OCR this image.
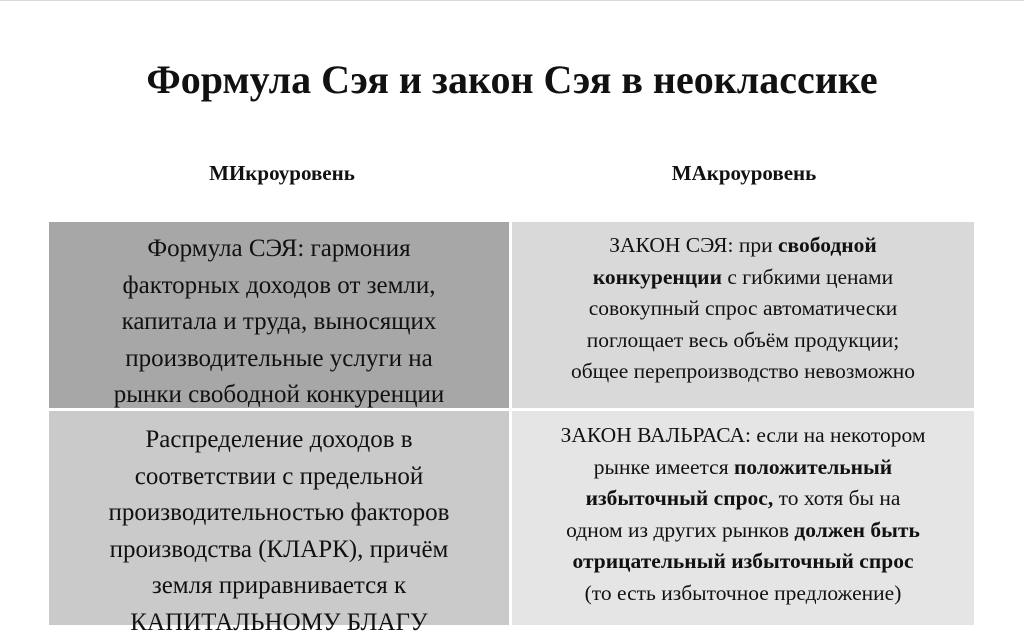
Формула Сэя и закон Сэя в неоклассике
МИкроуровень	МАкроуровень
Формула СЭЯ: гармония
факторных доходов от земли,
капитала и труда, выносящих
производительные услуги на
рынки свободной конкуренции
ЗАКОН СЭЯ: при свободной
конкуренции с гибкими ценами
совокупный спрос автоматически
поглощает весь объём продукции;
общее перепроизводство невозможно
Распределение доходов в
соответствии с предельной
производительностью факторов
производства (КЛАРК), причём
земля приравнивается к
КАПИТАЛЬНОМУ БЛАГУ
ЗАКОН ВАЛЬРАСА: если на некотором
рынке имеется положительный
избыточный спрос, то хотя бы на
одном из других рынков должен быть
отрицательный избыточный спрос
(то есть избыточное предложение)
